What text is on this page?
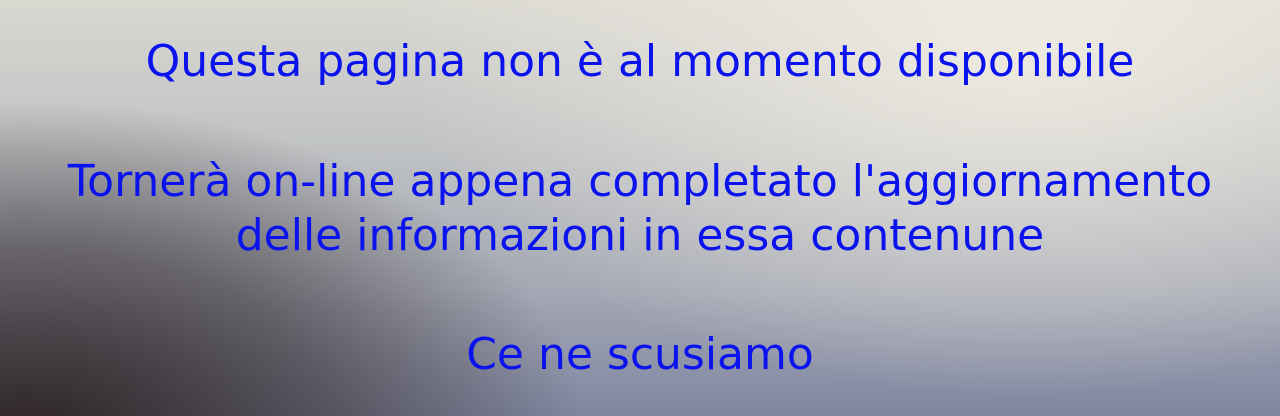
Questa pagina non è al momento disponibile

Tornerà on-line appena completato l'aggiornamento
delle informazioni in essa contenune

Ce ne scusiamo
